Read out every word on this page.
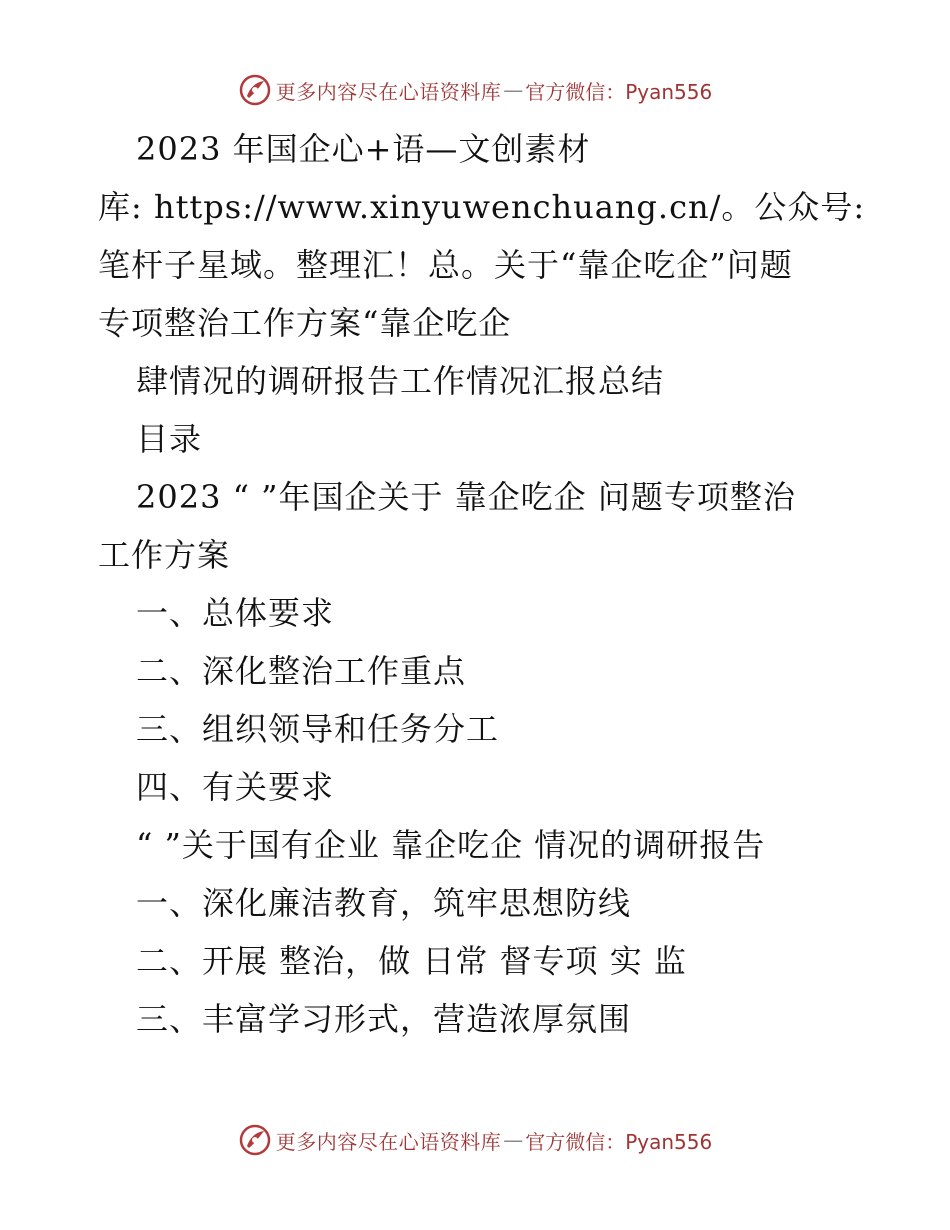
更多内容尽在心语资料库 — 官方微信：Pyan556
2023 年国企心+语—文创素材
库: https://www.xinyuwenchuang.cn/。公众号:
笔杆子星域。整理汇！总。关于“靠企吃企”问题
专项整治工作方案“靠企吃企
肆情况的调研报告工作情况汇报总结
目录
2023 “ ”年国企关于 靠企吃企 问题专项整治
工作方案
一、总体要求
二、深化整治工作重点
三、组织领导和任务分工
四、有关要求
“ ”关于国有企业 靠企吃企 情况的调研报告
一、深化廉洁教育，筑牢思想防线
二、开展 整治，做 日常 督专项 实 监
三、丰富学习形式，营造浓厚氛围
更多内容尽在心语资料库 — 官方微信：Pyan556
